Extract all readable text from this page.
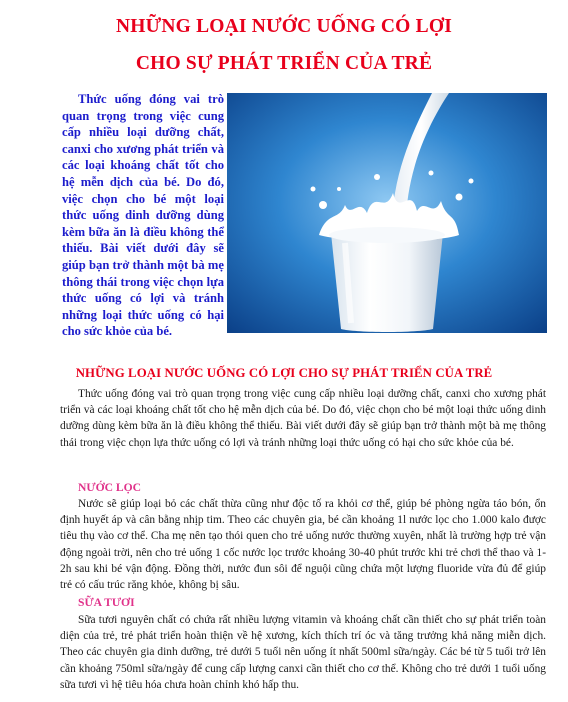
NHỮNG LOẠI NƯỚC UỐNG CÓ LỢI
CHO SỰ PHÁT TRIỂN CỦA TRẺ

Thức uống đóng vai trò quan trọng trong việc cung cấp nhiều loại dưỡng chất, canxi cho xương phát triển và các loại khoáng chất tốt cho hệ mễn dịch của bé. Do đó, việc chọn cho bé một loại thức uống dinh dưỡng dùng kèm bữa ăn là điều không thể thiếu. Bài viết dưới đây sẽ giúp bạn trở thành một bà mẹ thông thái trong việc chọn lựa thức uống có lợi và tránh những loại thức uống có hại cho sức khỏe của bé.

NHỮNG LOẠI NƯỚC UỐNG CÓ LỢI CHO SỰ PHÁT TRIỂN CỦA TRẺ

Thức uống đóng vai trò quan trọng trong việc cung cấp nhiều loại dưỡng chất, canxi cho xương phát triển và các loại khoáng chất tốt cho hệ mễn dịch của bé. Do đó, việc chọn cho bé một loại thức uống dinh dưỡng dùng kèm bữa ăn là điều không thể thiếu. Bài viết dưới đây sẽ giúp bạn trở thành một bà mẹ thông thái trong việc chọn lựa thức uống có lợi và tránh những loại thức uống có hại cho sức khỏe của bé.

NƯỚC LỌC

Nước sẽ giúp loại bỏ các chất thừa cũng như độc tố ra khỏi cơ thể, giúp bé phòng ngừa táo bón, ổn định huyết áp và cân bằng nhịp tim. Theo các chuyên gia, bé cần khoảng 1l nước lọc cho 1.000 kalo được tiêu thụ vào cơ thể. Cha mẹ nên tạo thói quen cho trẻ uống nước thường xuyên, nhất là trường hợp trẻ vận động ngoài trời, nên cho trẻ uống 1 cốc nước lọc trước khoảng 30-40 phút trước khi trẻ chơi thể thao và 1-2h sau khi bé vận động. Đồng thời, nước đun sôi để nguội cũng chứa một lượng fluoride vừa đủ để giúp trẻ có cấu trúc răng khỏe, không bị sâu.

SỮA TƯƠI

Sữa tươi nguyên chất có chứa rất nhiều lượng vitamin và khoáng chất cần thiết cho sự phát triển toàn diện của trẻ, trẻ phát triển hoàn thiện về hệ xương, kích thích trí óc và tăng trưởng khả năng miễn dịch. Theo các chuyên gia dinh dưỡng, trẻ dưới 5 tuổi nên uống ít nhất 500ml sữa/ngày. Các bé từ 5 tuổi trở lên cần khoảng 750ml sữa/ngày để cung cấp lượng canxi cần thiết cho cơ thể. Không cho trẻ dưới 1 tuổi uống sữa tươi vì hệ tiêu hóa chưa hoàn chỉnh khó hấp thu.
